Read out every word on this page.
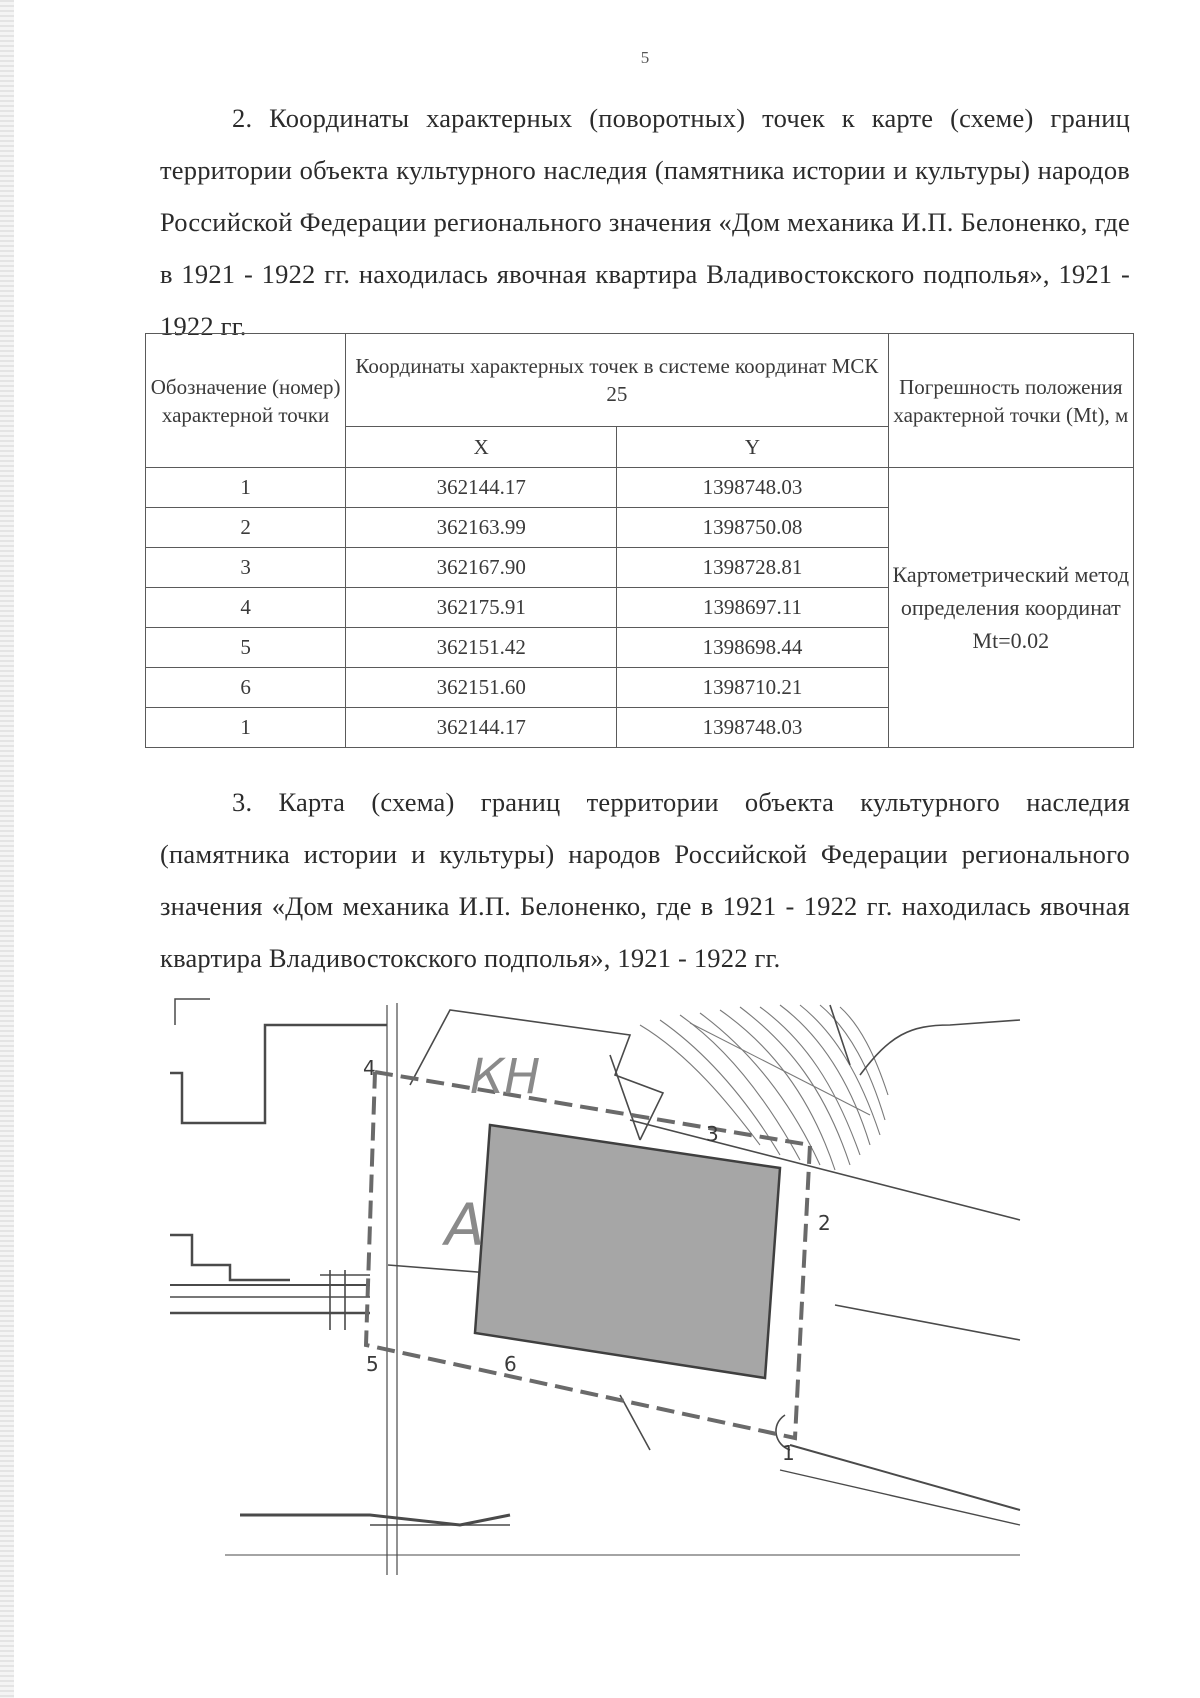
5

2. Координаты характерных (поворотных) точек к карте (схеме) границ территории объекта культурного наследия (памятника истории и культуры) народов Российской Федерации регионального значения «Дом механика И.П. Белоненко, где в 1921 - 1922 гг. находилась явочная квартира Владивостокского подполья», 1921 - 1922 гг.

Обозначение (номер) характерной точки	Координаты характерных точек в системе координат МСК 25		Погрешность положения характерной точки (Mt), м
	X	Y	
1	362144.17	1398748.03	Картометрический метод определения координат Mt=0.02
2	362163.99	1398750.08	
3	362167.90	1398728.81	
4	362175.91	1398697.11	
5	362151.42	1398698.44	
6	362151.60	1398710.21	
1	362144.17	1398748.03	

3. Карта (схема) границ территории объекта культурного наследия (памятника истории и культуры) народов Российской Федерации регионального значения «Дом механика И.П. Белоненко, где в 1921 - 1922 гг. находилась явочная квартира Владивостокского подполья», 1921 - 1922 гг.

КН
А
1
2
3
4
5	6
